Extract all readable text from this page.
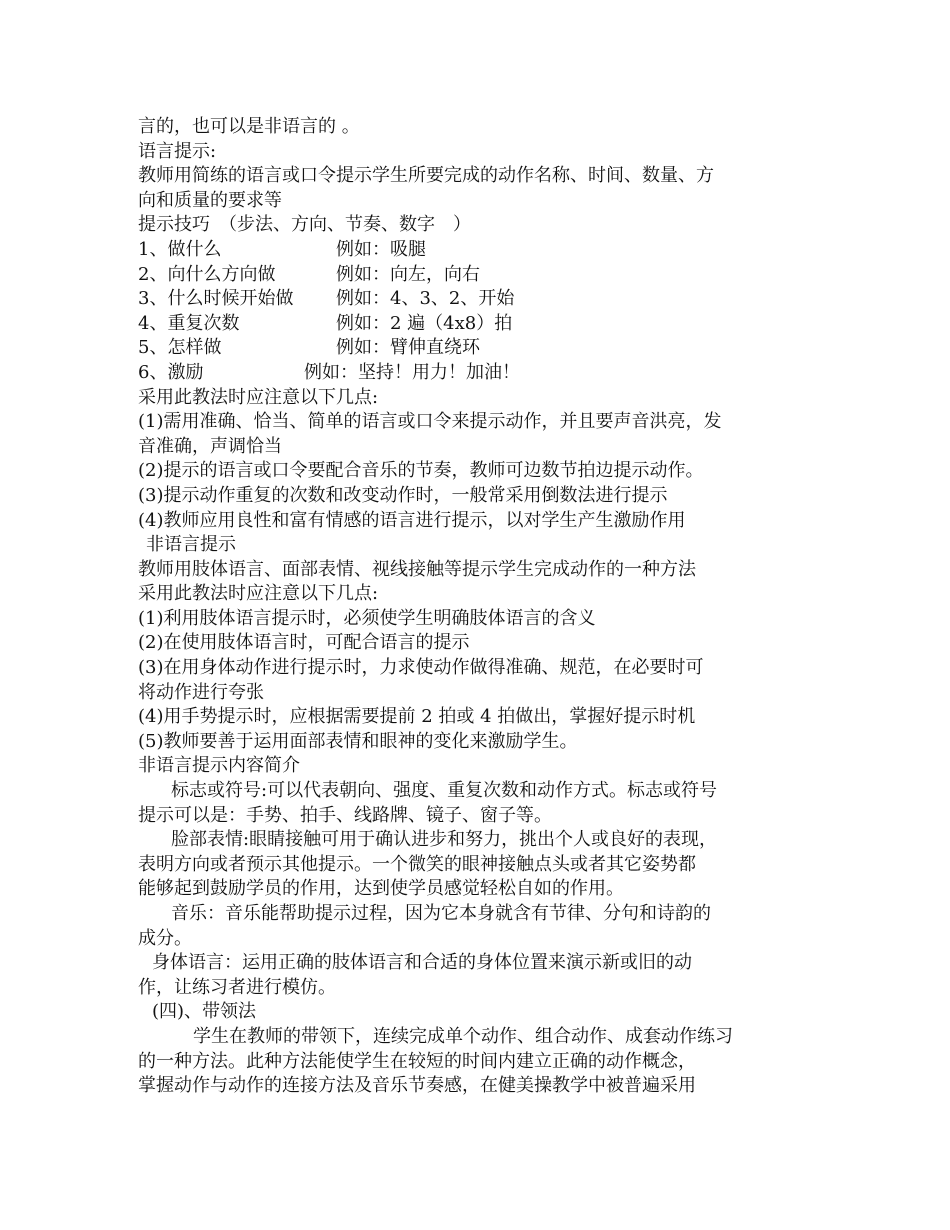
言的，也可以是非语言的 。
语言提示:
教师用简练的语言或口令提示学生所要完成的动作名称、时间、数量、方
向和质量的要求等
提示技巧　（步法、方向、节奏、数字　）
1、做什么	例如：吸腿
2、向什么方向做	例如：向左，向右
3、什么时候开始做	例如：4、3、2、开始
4、重复次数	例如：2 遍（4x8）拍
5、怎样做	例如：臂伸直绕环
6、激励	例如：坚持！用力！加油！
采用此教法时应注意以下几点:
(1)需用准确、恰当、简单的语言或口令来提示动作，并且要声音洪亮，发
音准确，声调恰当
(2)提示的语言或口令要配合音乐的节奏，教师可边数节拍边提示动作。
(3)提示动作重复的次数和改变动作时，一般常采用倒数法进行提示
(4)教师应用良性和富有情感的语言进行提示，以对学生产生激励作用
非语言提示
教师用肢体语言、面部表情、视线接触等提示学生完成动作的一种方法
采用此教法时应注意以下几点:
(1)利用肢体语言提示时，必须使学生明确肢体语言的含义
(2)在使用肢体语言时，可配合语言的提示
(3)在用身体动作进行提示时，力求使动作做得准确、规范，在必要时可
将动作进行夸张
(4)用手势提示时，应根据需要提前 2 拍或 4 拍做出，掌握好提示时机
(5)教师要善于运用面部表情和眼神的变化来激励学生。
非语言提示内容简介
标志或符号:可以代表朝向、强度、重复次数和动作方式。标志或符号
提示可以是：手势、拍手、线路牌、镜子、窗子等。
脸部表情:眼睛接触可用于确认进步和努力，挑出个人或良好的表现，
表明方向或者预示其他提示。一个微笑的眼神接触点头或者其它姿势都
能够起到鼓励学员的作用，达到使学员感觉轻松自如的作用。
音乐：音乐能帮助提示过程，因为它本身就含有节律、分句和诗韵的
成分。
身体语言：运用正确的肢体语言和合适的身体位置来演示新或旧的动
作，让练习者进行模仿。
(四)、带领法
学生在教师的带领下，连续完成单个动作、组合动作、成套动作练习
的一种方法。此种方法能使学生在较短的时间内建立正确的动作概念，
掌握动作与动作的连接方法及音乐节奏感，在健美操教学中被普遍采用
